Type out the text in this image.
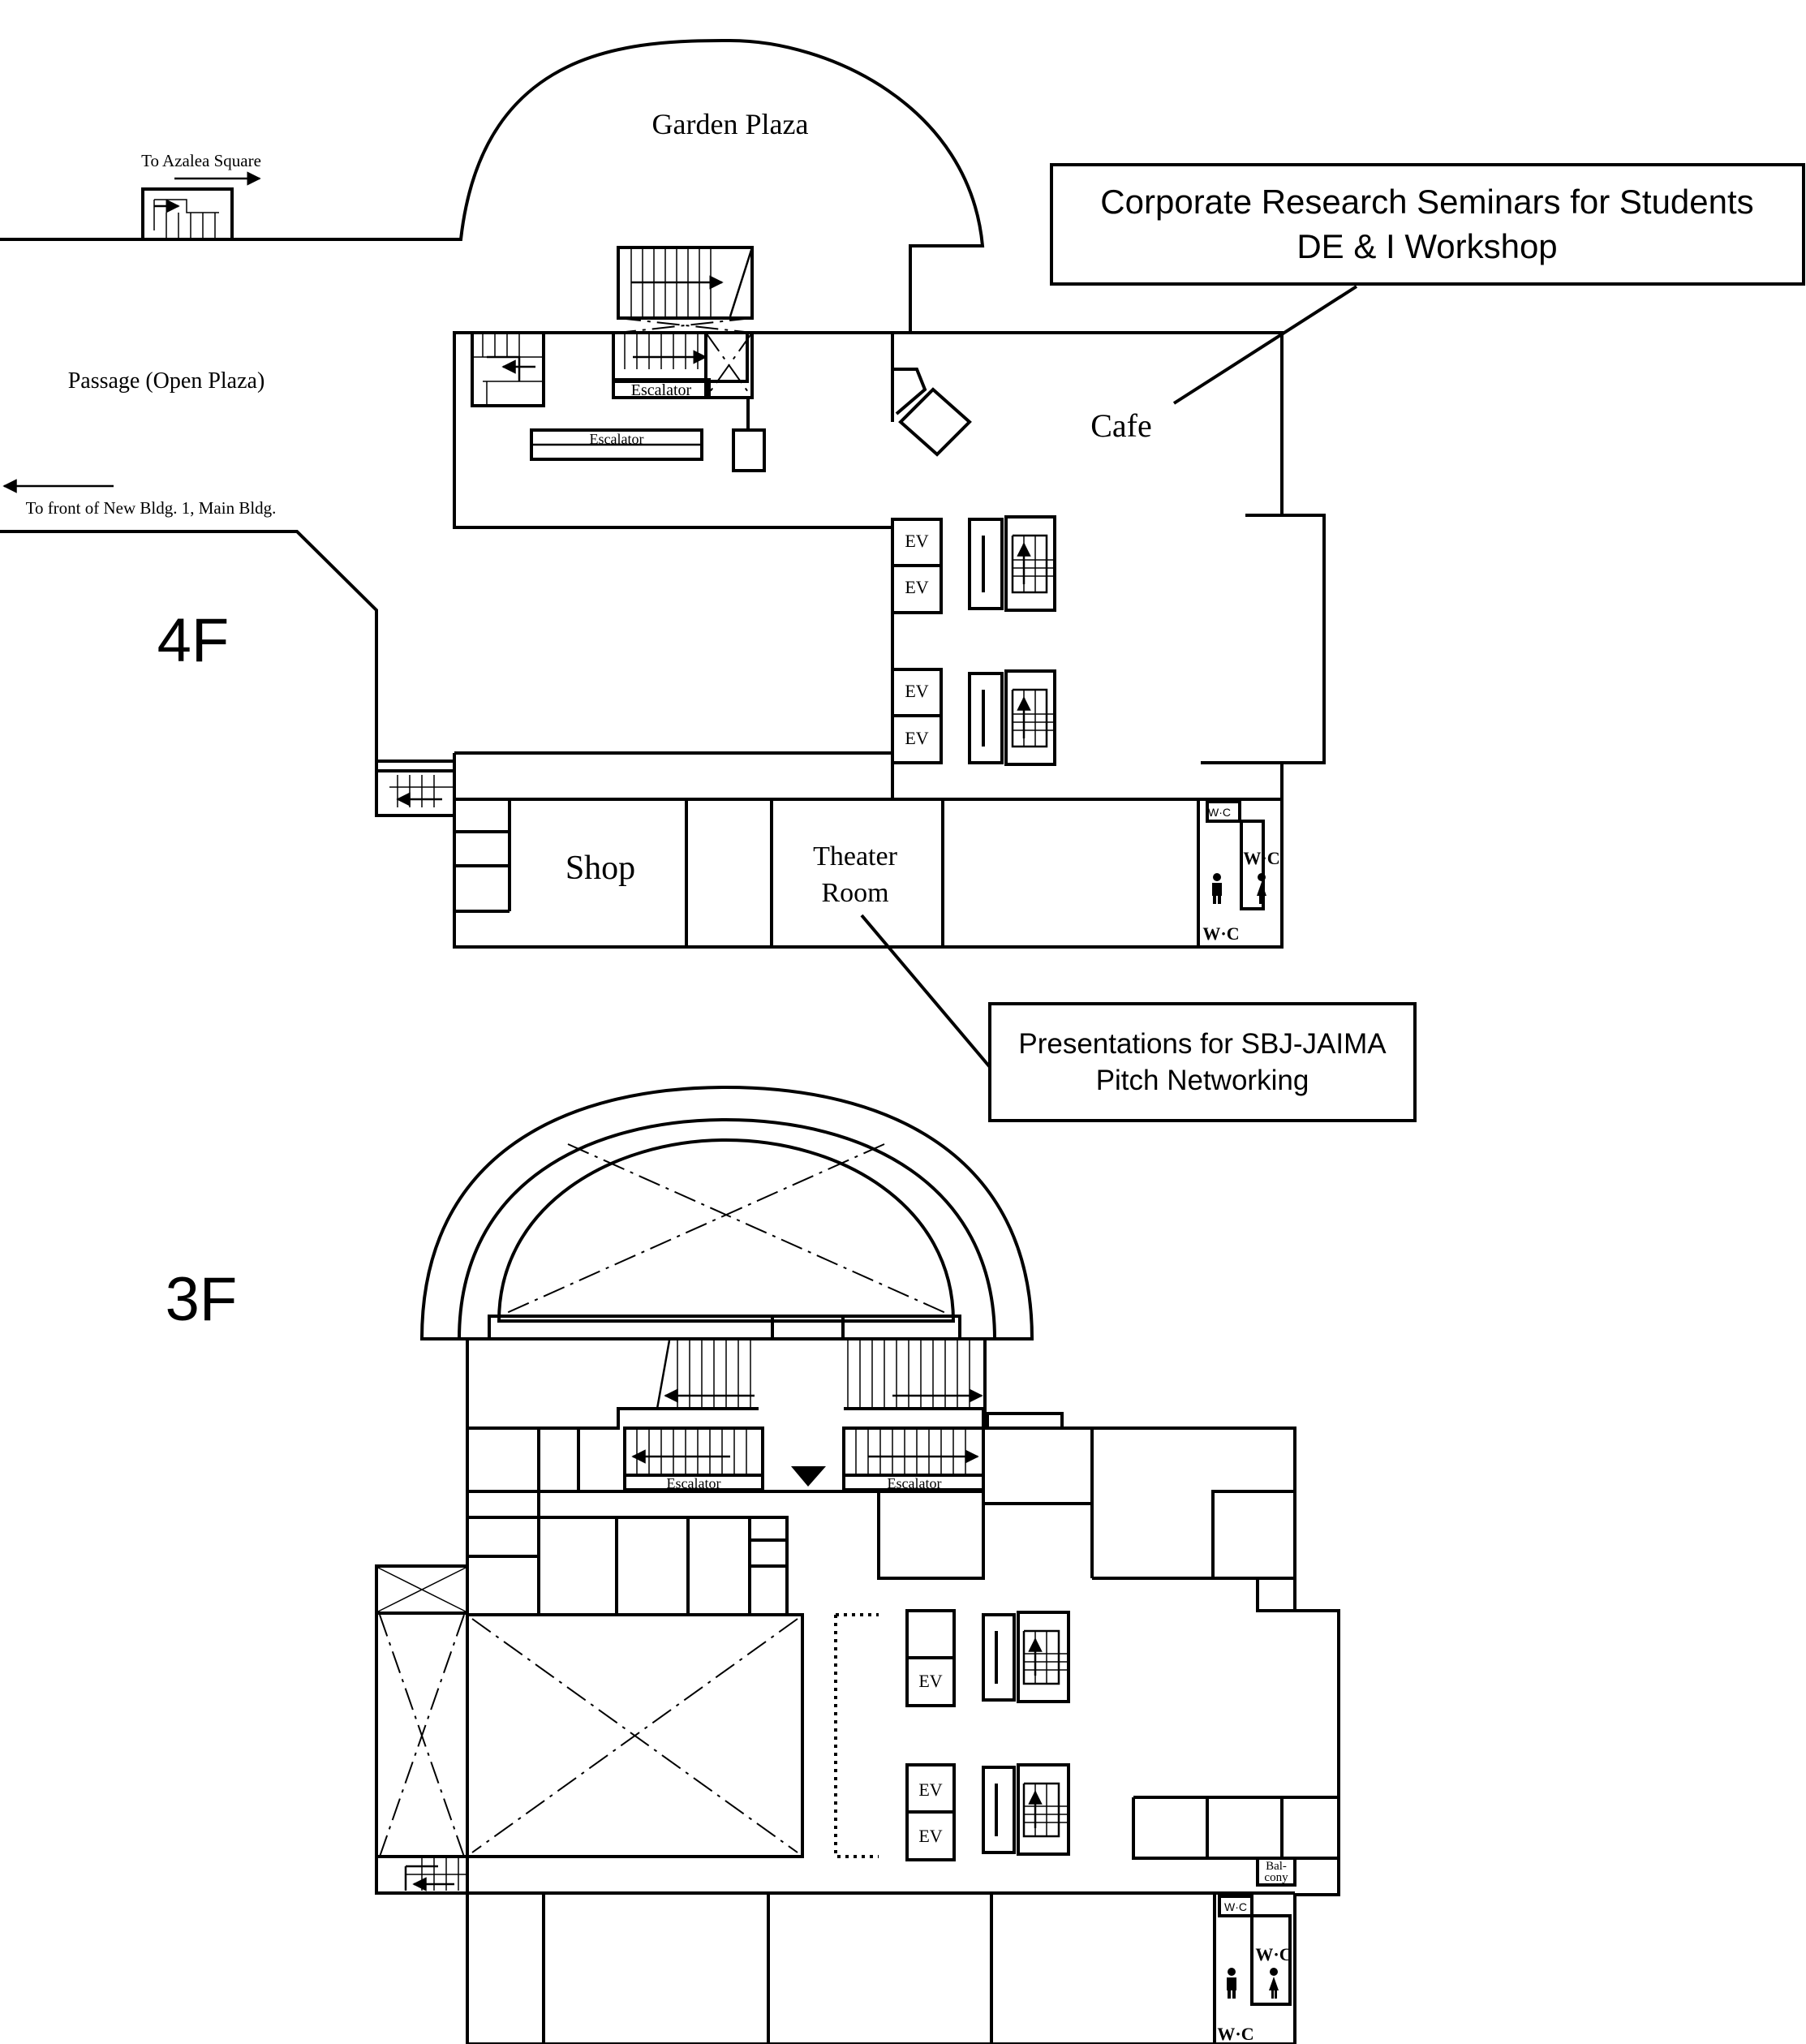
W·C
W·C
W·C
Escalator
Escalator
EV
EV
EV
EV
4F
Garden Plaza
To Azalea Square
Passage (Open Plaza)
To front of New Bldg. 1, Main Bldg.
Cafe
Shop	Theater
Room
Corporate Research Seminars for Students
DE & I Workshop
Presentations for SBJ-JAIMA
Pitch Networking
Escalator	Escalator
EV
EV
EV
Bal-
cony
W·C
W·C
W·C
3F
